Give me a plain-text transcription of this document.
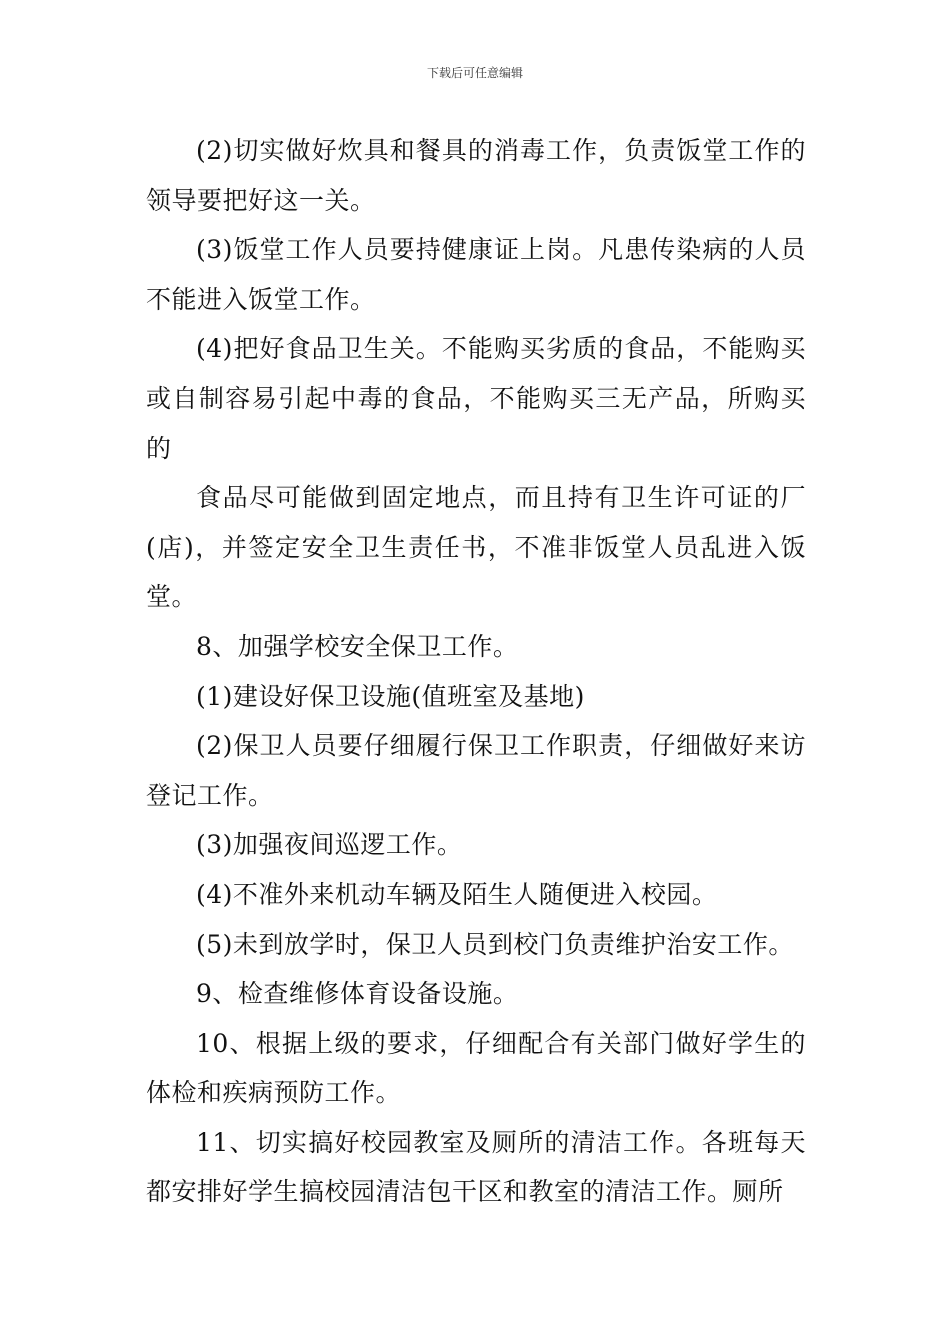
下载后可任意编辑

(2)切实做好炊具和餐具的消毒工作，负责饭堂工作的领导要把好这一关。

(3)饭堂工作人员要持健康证上岗。凡患传染病的人员不能进入饭堂工作。

(4)把好食品卫生关。不能购买劣质的食品，不能购买或自制容易引起中毒的食品，不能购买三无产品，所购买的

食品尽可能做到固定地点，而且持有卫生许可证的厂(店)，并签定安全卫生责任书，不准非饭堂人员乱进入饭堂。

8、加强学校安全保卫工作。

(1)建设好保卫设施(值班室及基地)

(2)保卫人员要仔细履行保卫工作职责，仔细做好来访登记工作。

(3)加强夜间巡逻工作。

(4)不准外来机动车辆及陌生人随便进入校园。

(5)未到放学时，保卫人员到校门负责维护治安工作。

9、检查维修体育设备设施。

10、根据上级的要求，仔细配合有关部门做好学生的体检和疾病预防工作。

11、切实搞好校园教室及厕所的清洁工作。各班每天都安排好学生搞校园清洁包干区和教室的清洁工作。厕所
